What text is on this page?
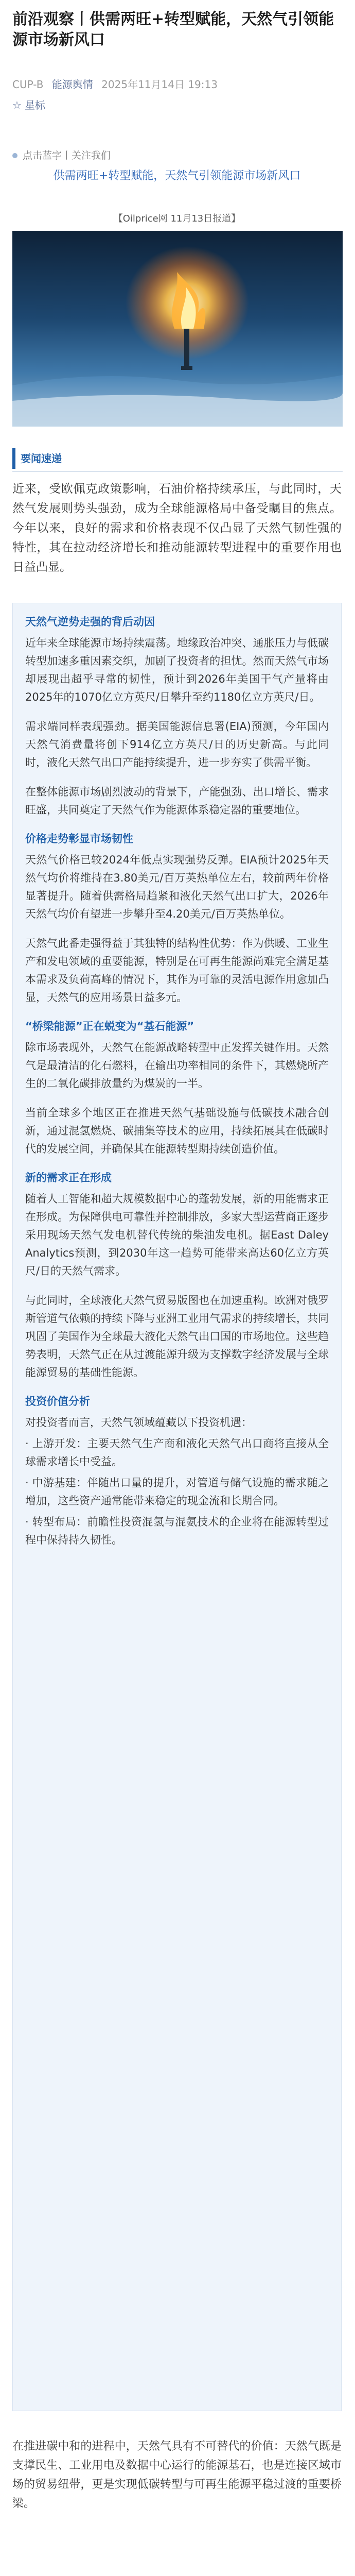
前沿观察丨供需两旺+转型赋能，天然气引领能源市场新风口
CUP-B 能源舆情 2025年11月14日 19:13
☆ 星标
点击蓝字丨关注我们

供需两旺+转型赋能，天然气引领能源市场新风口

【Oilprice网 11月13日报道】
要闻速递

近来，受欧佩克政策影响，石油价格持续承压，与此同时，天然气发展则势头强劲，成为全球能源格局中备受瞩目的焦点。今年以来，良好的需求和价格表现不仅凸显了天然气韧性强的特性，其在拉动经济增长和推动能源转型进程中的重要作用也日益凸显。

天然气逆势走强的背后动因

近年来全球能源市场持续震荡。地缘政治冲突、通胀压力与低碳转型加速多重因素交织，加剧了投资者的担忧。然而天然气市场却展现出超乎寻常的韧性，预计到2026年美国干气产量将由2025年的1070亿立方英尺/日攀升至约1180亿立方英尺/日。

需求端同样表现强劲。据美国能源信息署(EIA)预测，今年国内天然气消费量将创下914亿立方英尺/日的历史新高。与此同时，液化天然气出口产能持续提升，进一步夯实了供需平衡。

在整体能源市场剧烈波动的背景下，产能强劲、出口增长、需求旺盛，共同奠定了天然气作为能源体系稳定器的重要地位。

价格走势彰显市场韧性

天然气价格已较2024年低点实现强势反弹。EIA预计2025年天然气均价将维持在3.80美元/百万英热单位左右，较前两年价格显著提升。随着供需格局趋紧和液化天然气出口扩大，2026年天然气均价有望进一步攀升至4.20美元/百万英热单位。

天然气此番走强得益于其独特的结构性优势：作为供暖、工业生产和发电领域的重要能源，特别是在可再生能源尚难完全满足基本需求及负荷高峰的情况下，其作为可靠的灵活电源作用愈加凸显，天然气的应用场景日益多元。

“桥梁能源”正在蜕变为“基石能源”

除市场表现外，天然气在能源战略转型中正发挥关键作用。天然气是最清洁的化石燃料，在输出功率相同的条件下，其燃烧所产生的二氧化碳排放量约为煤炭的一半。

当前全球多个地区正在推进天然气基础设施与低碳技术融合创新，通过混氢燃烧、碳捕集等技术的应用，持续拓展其在低碳时代的发展空间，并确保其在能源转型期持续创造价值。

新的需求正在形成

随着人工智能和超大规模数据中心的蓬勃发展，新的用能需求正在形成。为保障供电可靠性并控制排放，多家大型运营商正逐步采用现场天然气发电机替代传统的柴油发电机。据East Daley Analytics预测，到2030年这一趋势可能带来高达60亿立方英尺/日的天然气需求。

与此同时，全球液化天然气贸易版图也在加速重构。欧洲对俄罗斯管道气依赖的持续下降与亚洲工业用气需求的持续增长，共同巩固了美国作为全球最大液化天然气出口国的市场地位。这些趋势表明，天然气正在从过渡能源升级为支撑数字经济发展与全球能源贸易的基础性能源。

投资价值分析

对投资者而言，天然气领域蕴藏以下投资机遇：

· 上游开发：主要天然气生产商和液化天然气出口商将直接从全球需求增长中受益。

· 中游基建：伴随出口量的提升，对管道与储气设施的需求随之增加，这些资产通常能带来稳定的现金流和长期合同。

· 转型布局：前瞻性投资混氢与混氨技术的企业将在能源转型过程中保持持久韧性。

在推进碳中和的进程中，天然气具有不可替代的价值：天然气既是支撑民生、工业用电及数据中心运行的能源基石，也是连接区域市场的贸易纽带，更是实现低碳转型与可再生能源平稳过渡的重要桥梁。
